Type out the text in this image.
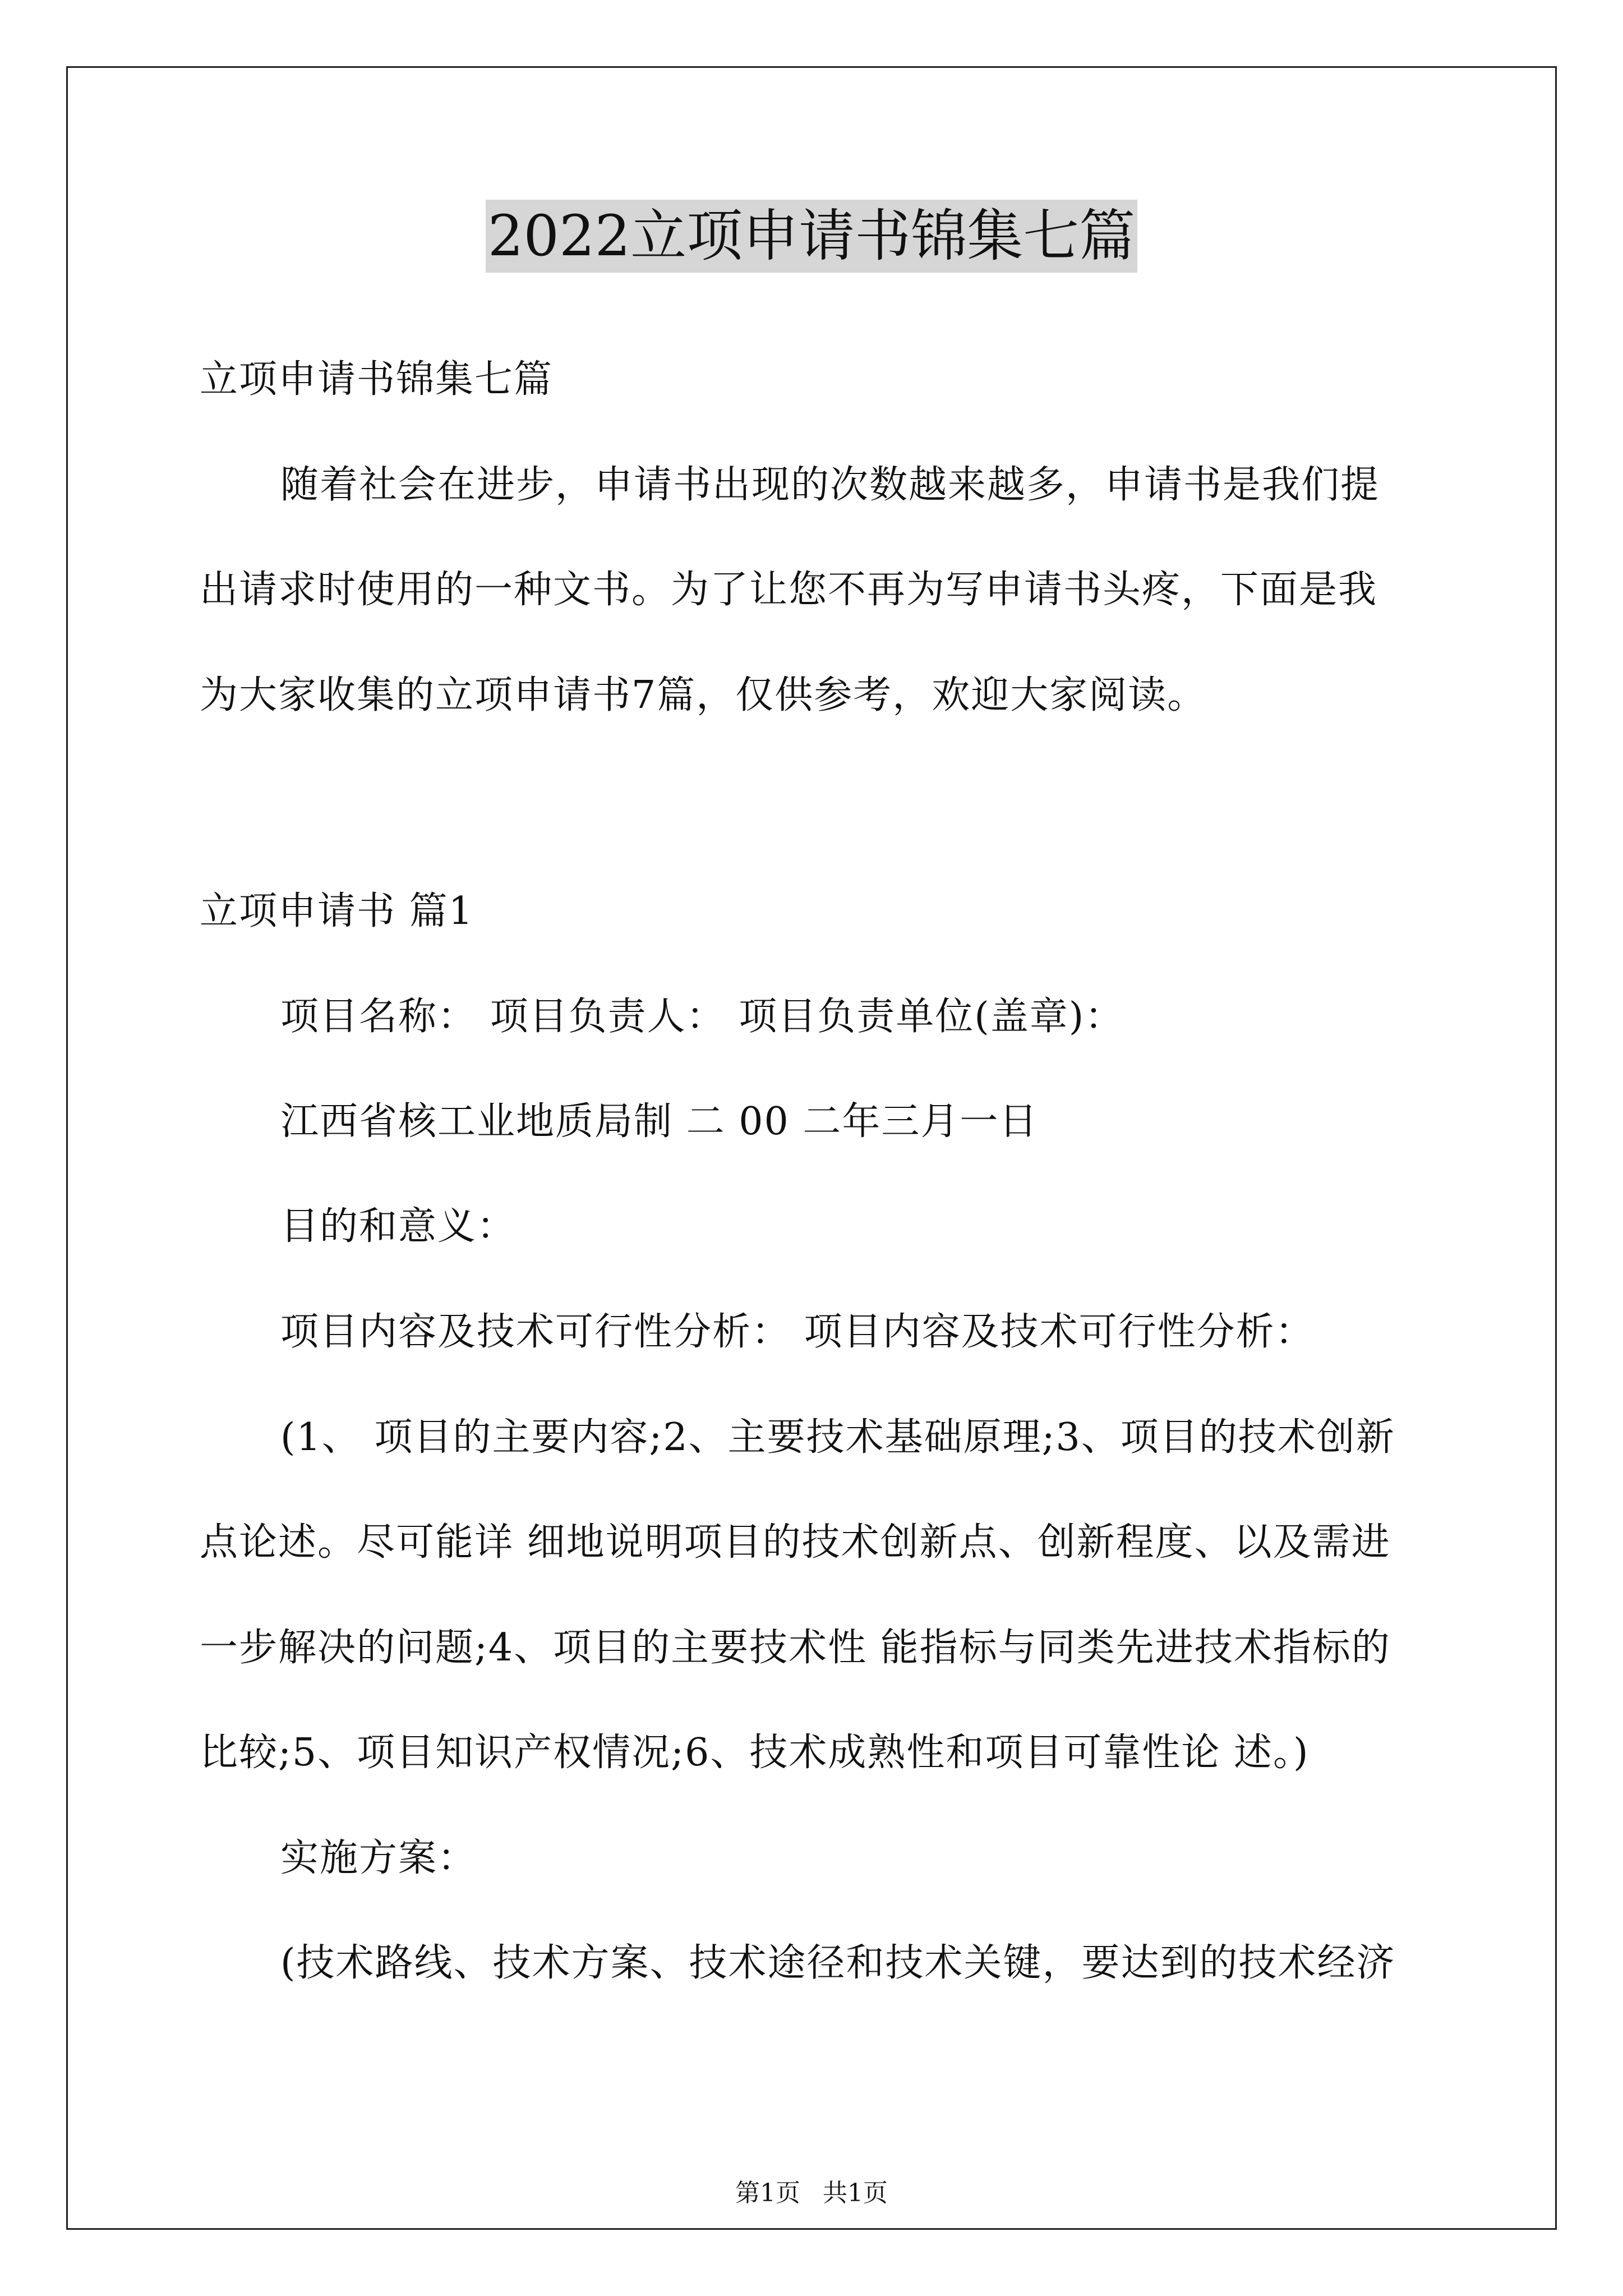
2022立项申请书锦集七篇
立项申请书锦集七篇
随着社会在进步，申请书出现的次数越来越多，申请书是我们提
出请求时使用的一种文书。为了让您不再为写申请书头疼，下面是我
为大家收集的立项申请书7篇，仅供参考，欢迎大家阅读。
立项申请书 篇1
项目名称： 项目负责人： 项目负责单位(盖章)：
江西省核工业地质局制 二 00 二年三月一日
目的和意义：
项目内容及技术可行性分析： 项目内容及技术可行性分析：
(1、 项目的主要内容;2、主要技术基础原理;3、项目的技术创新
点论述。尽可能详 细地说明项目的技术创新点、创新程度、以及需进
一步解决的问题;4、项目的主要技术性 能指标与同类先进技术指标的
比较;5、项目知识产权情况;6、技术成熟性和项目可靠性论 述。)
实施方案：
(技术路线、技术方案、技术途径和技术关键，要达到的技术经济
第1页 共1页
